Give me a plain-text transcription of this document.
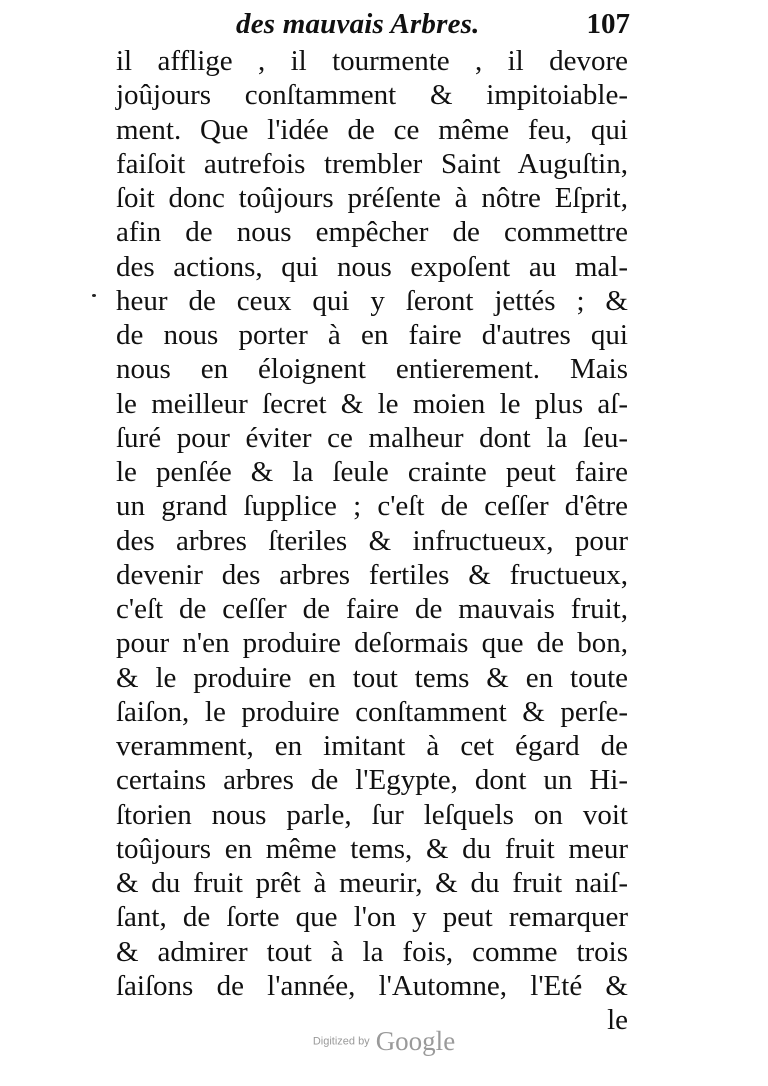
des mauvais Arbres.	107
il afflige , il tourmente , il devore
joûjours conſtamment & impitoiable-
ment. Que l'idée de ce même feu, qui
faiſoit autrefois trembler Saint Auguſtin,
ſoit donc toûjours préſente à nôtre Eſprit,
afin de nous empêcher de commettre
des actions, qui nous expoſent au mal-
heur de ceux qui y ſeront jettés ; &
de nous porter à en faire d'autres qui
nous en éloignent entierement. Mais
le meilleur ſecret & le moien le plus aſ-
ſuré pour éviter ce malheur dont la ſeu-
le penſée & la ſeule crainte peut faire
un grand ſupplice ; c'eſt de ceſſer d'être
des arbres ſteriles & infructueux, pour
devenir des arbres fertiles & fructueux,
c'eſt de ceſſer de faire de mauvais fruit,
pour n'en produire deſormais que de bon,
& le produire en tout tems & en toute
ſaiſon, le produire conſtamment & perſe-
veramment, en imitant à cet égard de
certains arbres de l'Egypte, dont un Hi-
ſtorien nous parle, ſur leſquels on voit
toûjours en même tems, & du fruit meur
& du fruit prêt à meurir, & du fruit naiſ-
ſant, de ſorte que l'on y peut remarquer
& admirer tout à la fois, comme trois
ſaiſons de l'année, l'Automne, l'Eté &
le
Digitized by Google
